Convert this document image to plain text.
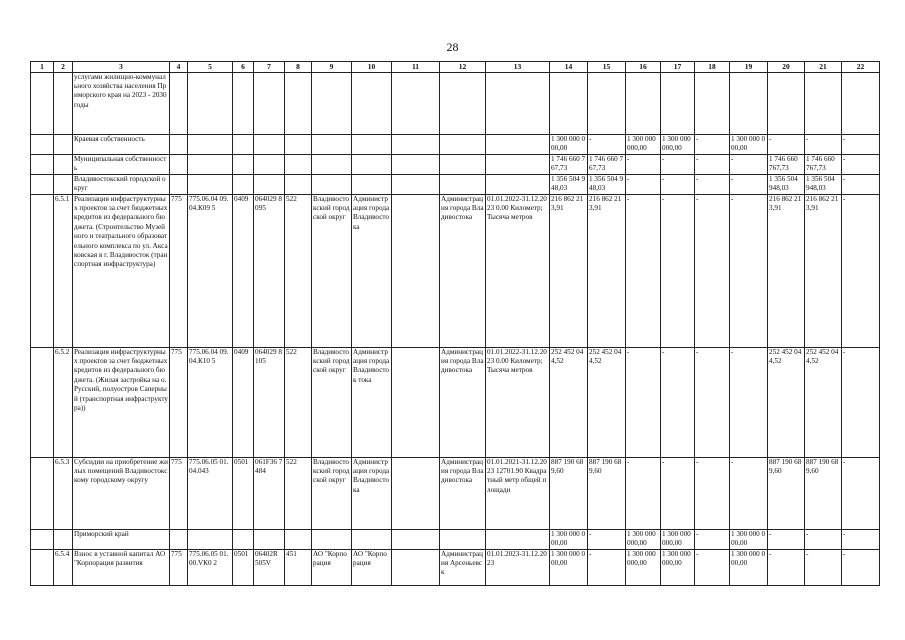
28
1	2	3	4	5	6	7	8	9	10	11	12	13	14	15	16	17	18	19	20	21	22
		услугами жилищно-коммунального хозяйства населения Приморского края на 2023 - 2030 годы																			
		Краевая собственность											1 300 000 000,00	-	1 300 000 000,00	1 300 000 000,00	-	1 300 000 000,00	-	-	-
		Муниципальная собственность											1 746 660 767,73	1 746 660 767,73	-	-	-	-	1 746 660 767,73	1 746 660 767,73	-
		Владивостокский городской округ											1 356 504 948,03	1 356 504 948,03	-	-	-	-	1 356 504 948,03	1 356 504 948,03	-
	6.5.1	Реализация инфраструктурных проектов за счет бюджетных кредитов из федерального бюджета. (Строительство Музейного и театрального образовательного комплекса по ул. Аксаковская в г. Владивосток (транспортная инфраструктура)	775	775.06.04 09.04.К09 5	0409	064029 8095	522	Владивостокский городской округ	Администрация города Владивостока		Администрация города Владивостока	01.01.2022-31.12.2023 0.00 Километр; Тысяча метров	216 862 213,91	216 862 213,91	-	-	-	-	216 862 213,91	216 862 213,91	-
	6.5.2	Реализация инфраструктурных проектов за счет бюджетных кредитов из федерального бюджета. (Жилая застройка на о. Русский, полуостров Саперный (транспортная инфраструктура))	775	775.06.04 09.04.К10 5	0409	064029 8105	522	Владивостокский городской округ	Администрация города Владивосток тока		Администрация города Владивостока	01.01.2022-31.12.2023 0.00 Километр; Тысяча метров	252 452 044,52	252 452 044,52	-	-	-	-	252 452 044,52	252 452 044,52	-
	6.5.3	Субсидии на приобретение жилых помещений Владивостокскому городскому округу	775	775.06.05 01.04.043	0501	061F36 7484	522	Владивостокский городской округ	Администрация города Владивостока		Администрация города Владивостока	01.01.2021-31.12.2023 12701.90 Квадратный метр общей площади	887 190 689,60	887 190 689,60	-	-	-	-	887 190 689,60	887 190 689,60	-
		Приморский край											1 300 000 000,00	-	1 300 000 000,00	1 300 000 000,00	-	1 300 000 000,00	-	-	-
	6.5.4	Взнос в уставной капитал АО "Корпорация развития	775	775.06.05 01.00.VК0 2	0501	06402R 505V	451	АО "Корпорация	АО "Корпорация		Администрация Арсеньевск	01.01.2023-31.12.2023	1 300 000 000,00	-	1 300 000 000,00	1 300 000 000,00	-	1 300 000 000,00	-	-	-
